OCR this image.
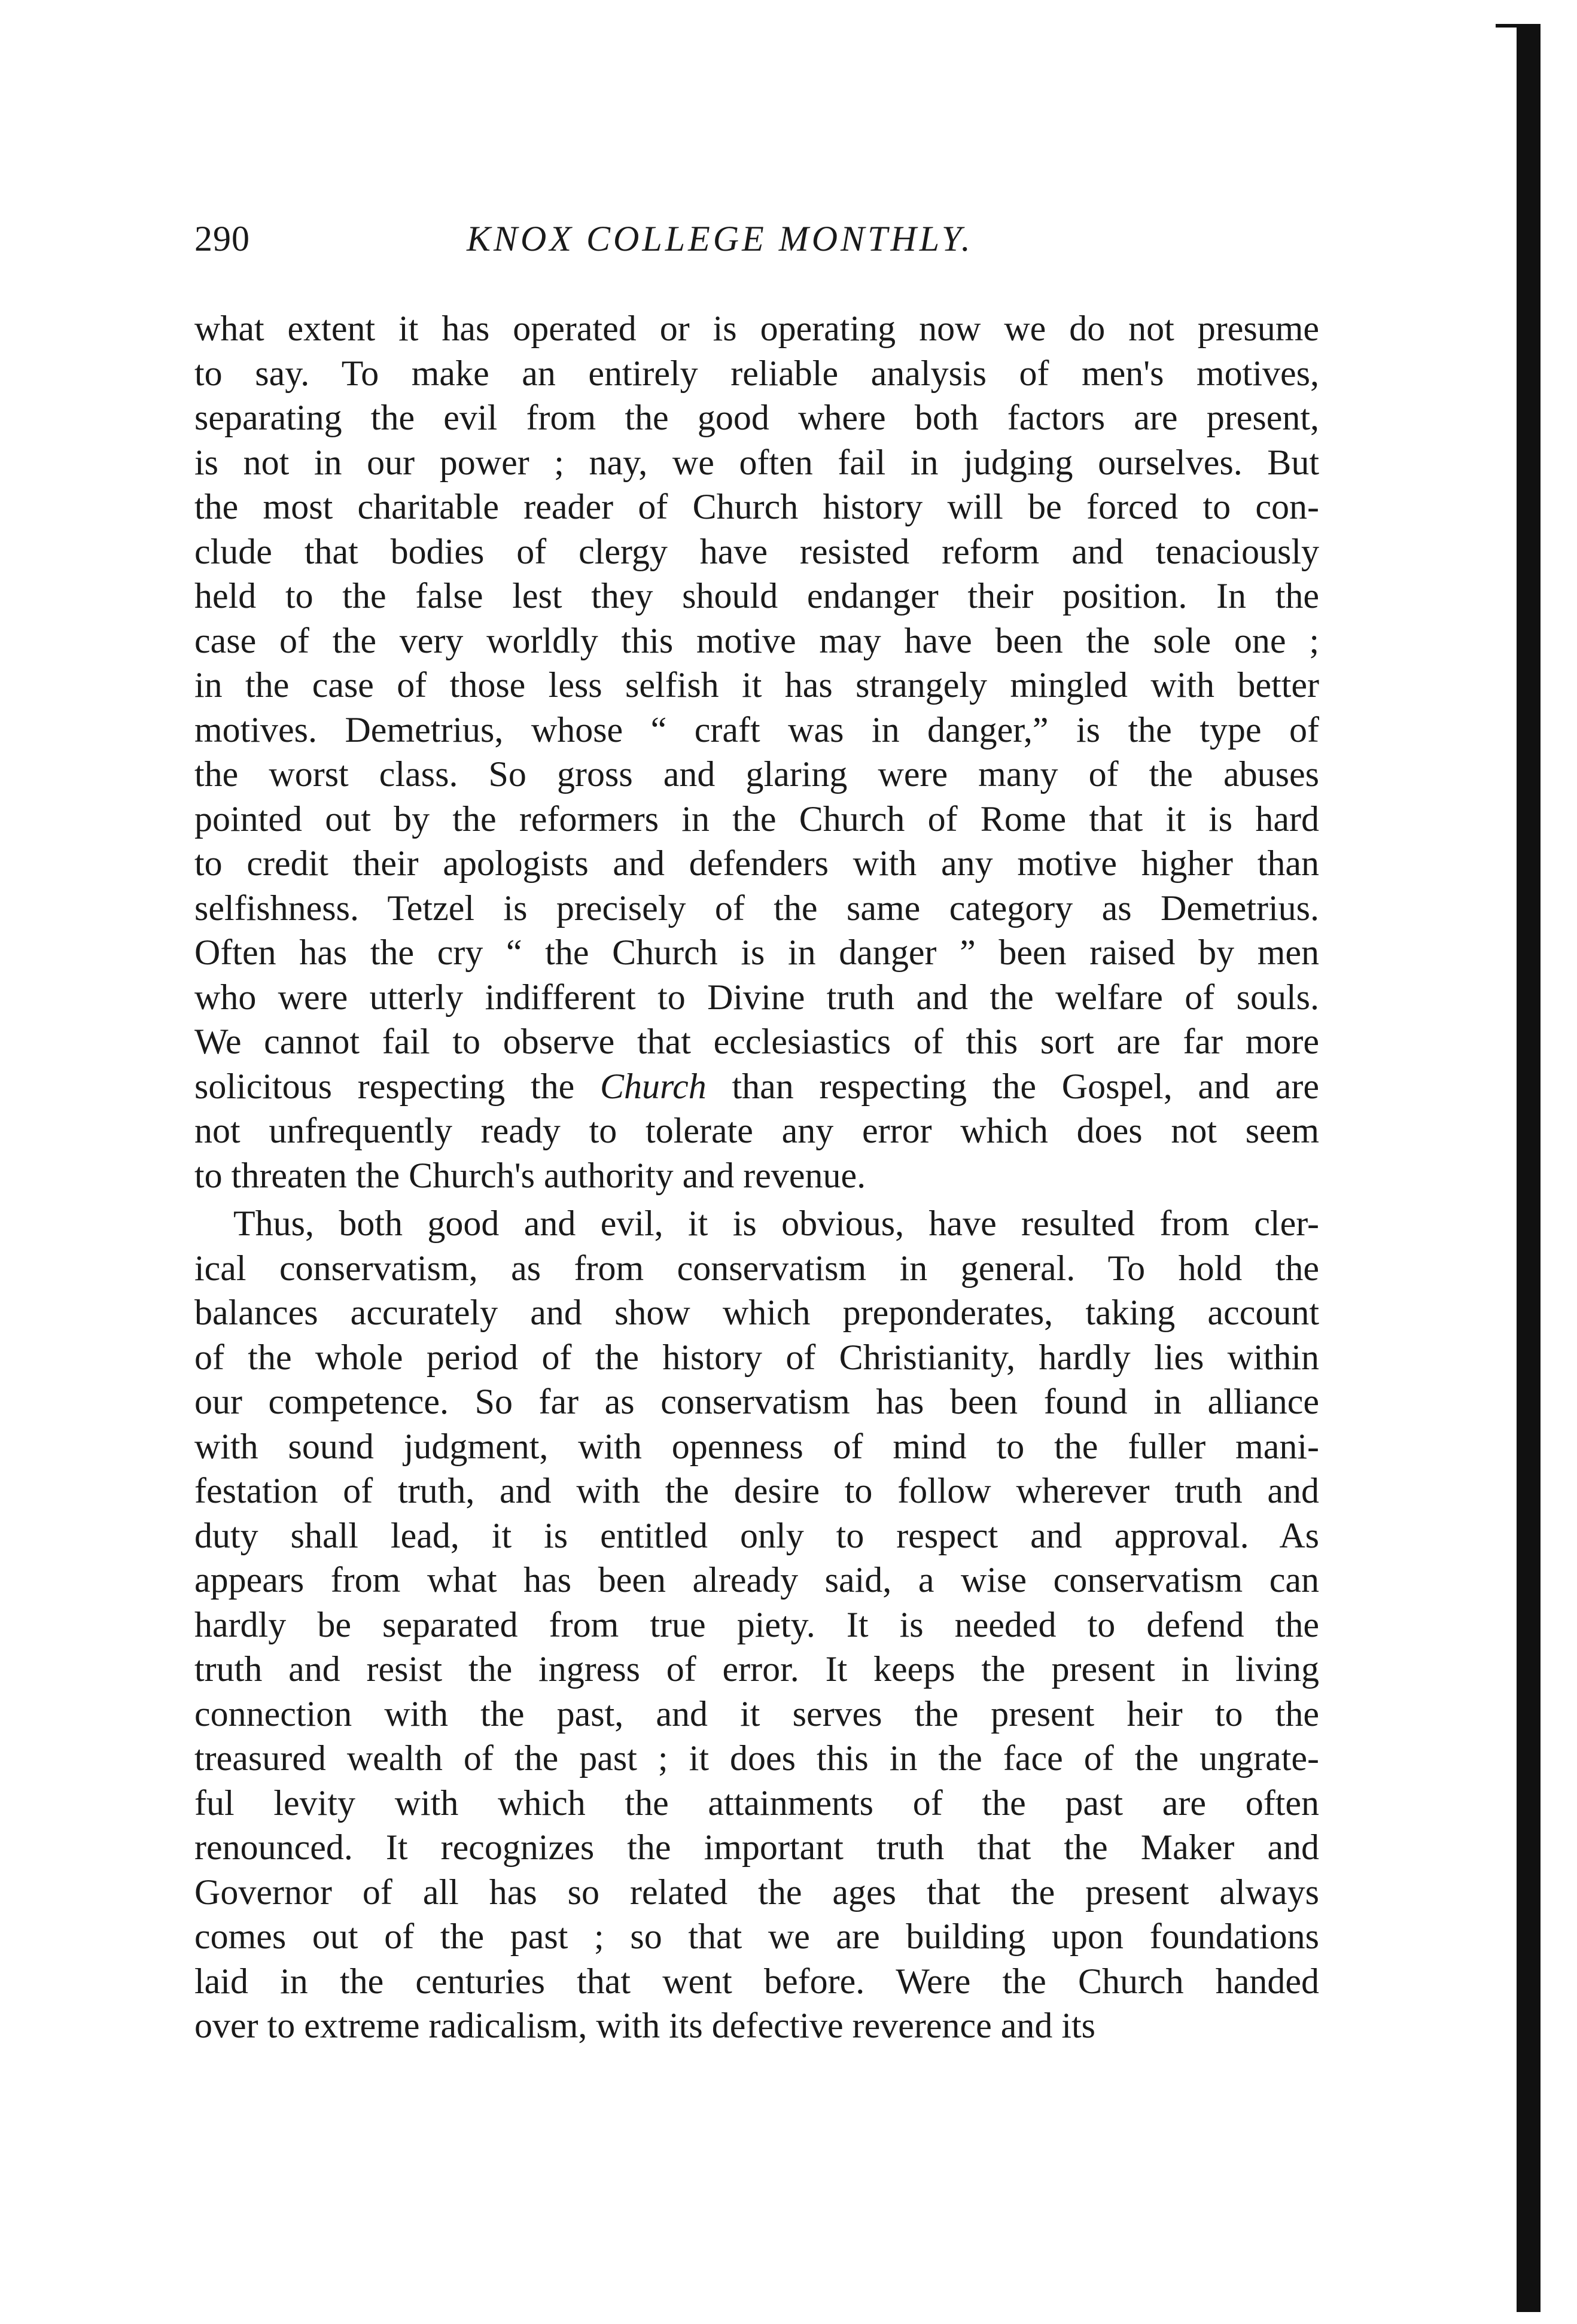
290	KNOX COLLEGE MONTHLY.
what extent it has operated or is operating now we do not presume
to say. To make an entirely reliable analysis of men's motives,
separating the evil from the good where both factors are present,
is not in our power ; nay, we often fail in judging ourselves. But
the most charitable reader of Church history will be forced to con-
clude that bodies of clergy have resisted reform and tenaciously
held to the false lest they should endanger their position. In the
case of the very worldly this motive may have been the sole one ;
in the case of those less selfish it has strangely mingled with better
motives. Demetrius, whose “ craft was in danger,” is the type of
the worst class. So gross and glaring were many of the abuses
pointed out by the reformers in the Church of Rome that it is hard
to credit their apologists and defenders with any motive higher than
selfishness. Tetzel is precisely of the same category as Demetrius.
Often has the cry “ the Church is in danger ” been raised by men
who were utterly indifferent to Divine truth and the welfare of souls.
We cannot fail to observe that ecclesiastics of this sort are far more
solicitous respecting the Church than respecting the Gospel, and are
not unfrequently ready to tolerate any error which does not seem
to threaten the Church's authority and revenue.
Thus, both good and evil, it is obvious, have resulted from cler-
ical conservatism, as from conservatism in general. To hold the
balances accurately and show which preponderates, taking account
of the whole period of the history of Christianity, hardly lies within
our competence. So far as conservatism has been found in alliance
with sound judgment, with openness of mind to the fuller mani-
festation of truth, and with the desire to follow wherever truth and
duty shall lead, it is entitled only to respect and approval. As
appears from what has been already said, a wise conservatism can
hardly be separated from true piety. It is needed to defend the
truth and resist the ingress of error. It keeps the present in living
connection with the past, and it serves the present heir to the
treasured wealth of the past ; it does this in the face of the ungrate-
ful levity with which the attainments of the past are often
renounced. It recognizes the important truth that the Maker and
Governor of all has so related the ages that the present always
comes out of the past ; so that we are building upon foundations
laid in the centuries that went before. Were the Church handed
over to extreme radicalism, with its defective reverence and its
